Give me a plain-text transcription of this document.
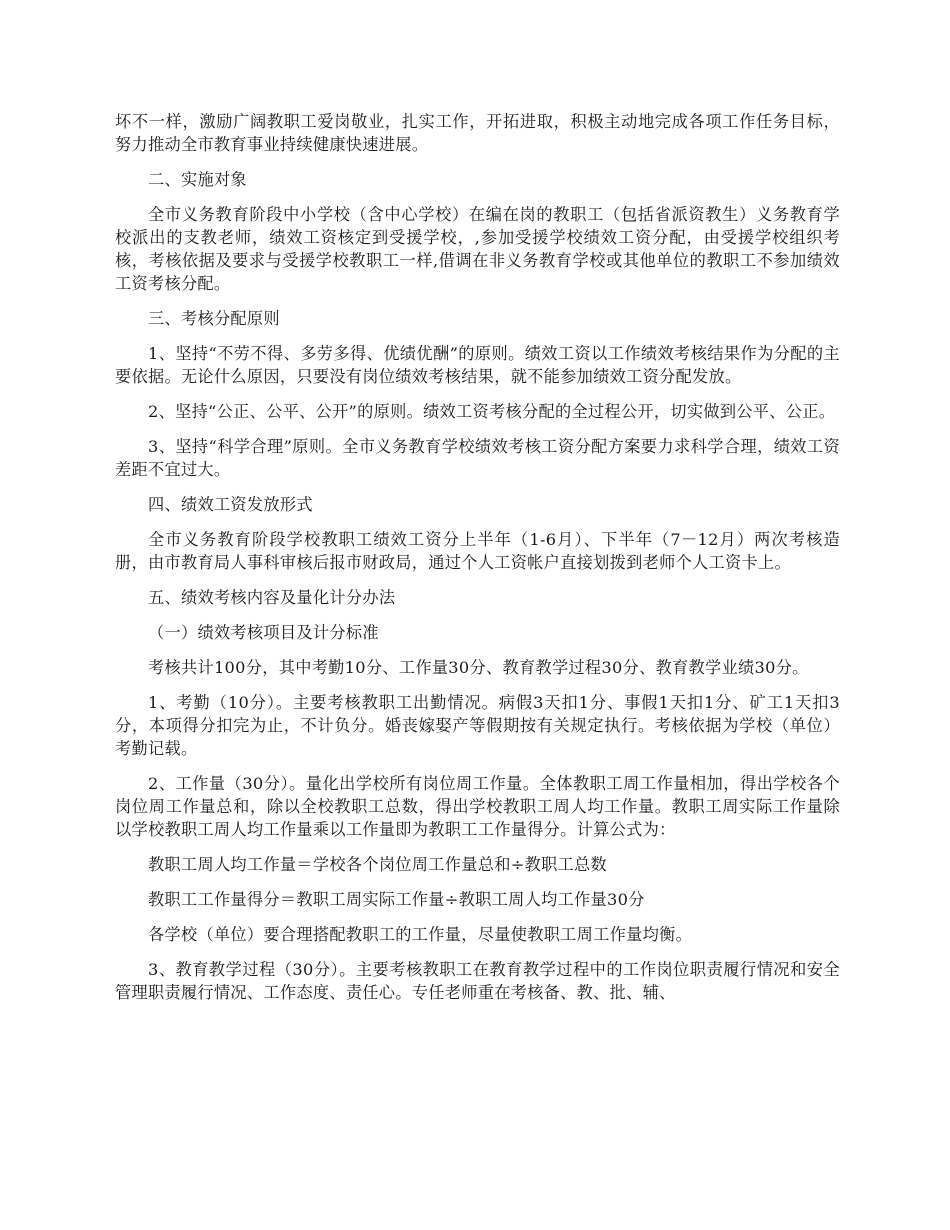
坏不一样，激励广阔教职工爱岗敬业，扎实工作，开拓进取，积极主动地完成各项工作任务目标，努力推动全市教育事业持续健康快速进展。

二、实施对象

全市义务教育阶段中小学校（含中心学校）在编在岗的教职工（包括省派资教生）义务教育学校派出的支教老师，绩效工资核定到受援学校，,参加受援学校绩效工资分配，由受援学校组织考核，考核依据及要求与受援学校教职工一样,借调在非义务教育学校或其他单位的教职工不参加绩效工资考核分配。

三、考核分配原则

1、坚持“不劳不得、多劳多得、优绩优酬”的原则。绩效工资以工作绩效考核结果作为分配的主要依据。无论什么原因，只要没有岗位绩效考核结果，就不能参加绩效工资分配发放。

2、坚持“公正、公平、公开”的原则。绩效工资考核分配的全过程公开，切实做到公平、公正。

3、坚持“科学合理”原则。全市义务教育学校绩效考核工资分配方案要力求科学合理，绩效工资差距不宜过大。

四、绩效工资发放形式

全市义务教育阶段学校教职工绩效工资分上半年（1-6月）、下半年（7－12月）两次考核造册，由市教育局人事科审核后报市财政局，通过个人工资帐户直接划拨到老师个人工资卡上。

五、绩效考核内容及量化计分办法

（一）绩效考核项目及计分标准

考核共计100分，其中考勤10分、工作量30分、教育教学过程30分、教育教学业绩30分。

1、考勤（10分）。主要考核教职工出勤情况。病假3天扣1分、事假1天扣1分、矿工1天扣3分，本项得分扣完为止，不计负分。婚丧嫁娶产等假期按有关规定执行。考核依据为学校（单位）考勤记载。

2、工作量（30分）。量化出学校所有岗位周工作量。全体教职工周工作量相加，得出学校各个岗位周工作量总和，除以全校教职工总数，得出学校教职工周人均工作量。教职工周实际工作量除以学校教职工周人均工作量乘以工作量即为教职工工作量得分。计算公式为：

教职工周人均工作量＝学校各个岗位周工作量总和÷教职工总数

教职工工作量得分＝教职工周实际工作量÷教职工周人均工作量30分

各学校（单位）要合理搭配教职工的工作量，尽量使教职工周工作量均衡。

3、教育教学过程（30分）。主要考核教职工在教育教学过程中的工作岗位职责履行情况和安全管理职责履行情况、工作态度、责任心。专任老师重在考核备、教、批、辅、
